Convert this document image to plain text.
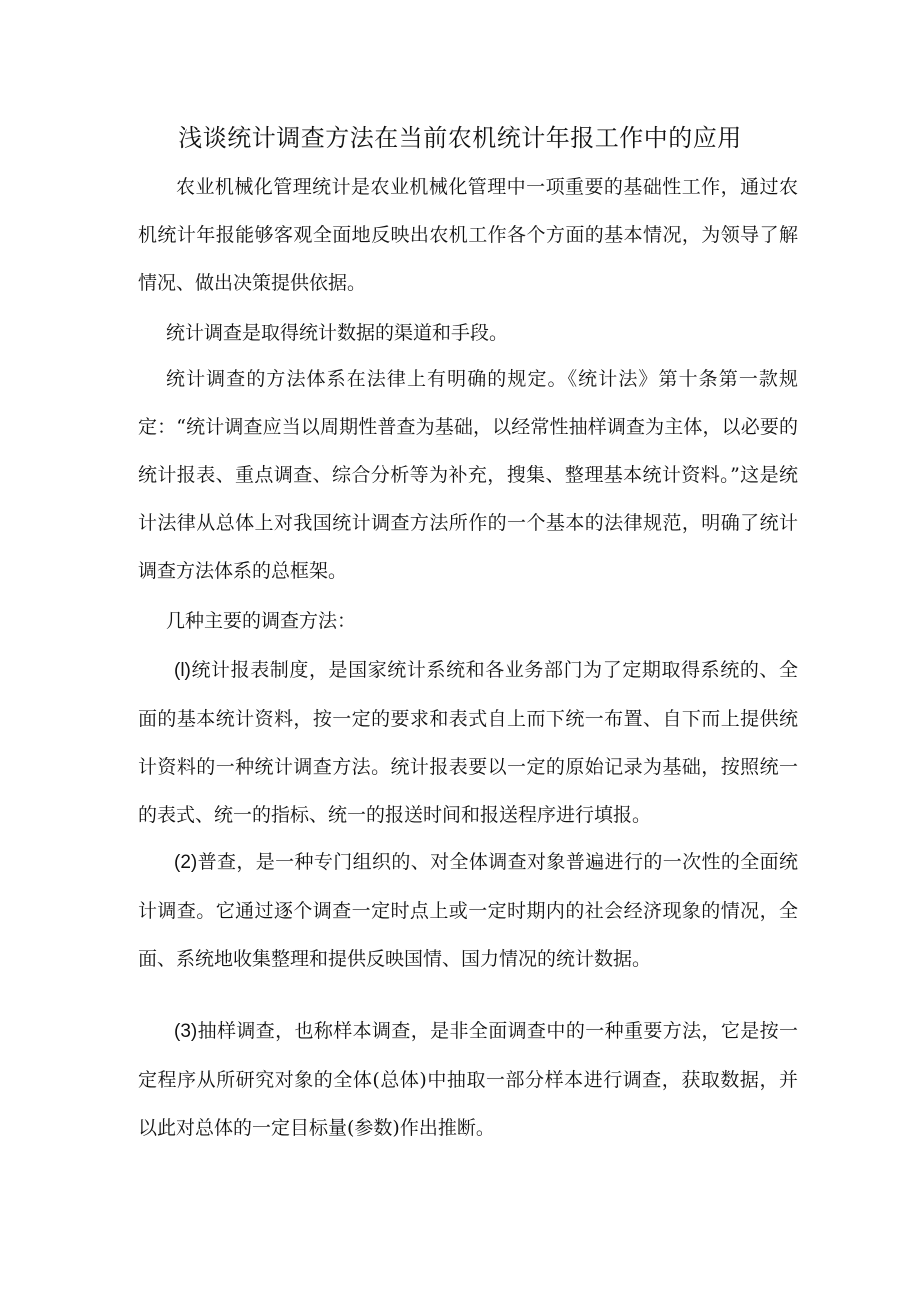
浅谈统计调查方法在当前农机统计年报工作中的应用

农业机械化管理统计是农业机械化管理中一项重要的基础性工作，通过农机统计年报能够客观全面地反映出农机工作各个方面的基本情况，为领导了解情况、做出决策提供依据。

统计调查是取得统计数据的渠道和手段。

统计调查的方法体系在法律上有明确的规定。《统计法》第十条第一款规定：“统计调查应当以周期性普查为基础，以经常性抽样调查为主体，以必要的统计报表、重点调查、综合分析等为补充，搜集、整理基本统计资料。”这是统计法律从总体上对我国统计调查方法所作的一个基本的法律规范，明确了统计调查方法体系的总框架。

几种主要的调查方法：

(l)统计报表制度，是国家统计系统和各业务部门为了定期取得系统的、全面的基本统计资料，按一定的要求和表式自上而下统一布置、自下而上提供统计资料的一种统计调查方法。统计报表要以一定的原始记录为基础，按照统一的表式、统一的指标、统一的报送时间和报送程序进行填报。

(2)普查，是一种专门组织的、对全体调查对象普遍进行的一次性的全面统计调查。它通过逐个调查一定时点上或一定时期内的社会经济现象的情况，全面、系统地收集整理和提供反映国情、国力情况的统计数据。

(3)抽样调查，也称样本调查，是非全面调查中的一种重要方法，它是按一定程序从所研究对象的全体(总体)中抽取一部分样本进行调查，获取数据，并以此对总体的一定目标量(参数)作出推断。
